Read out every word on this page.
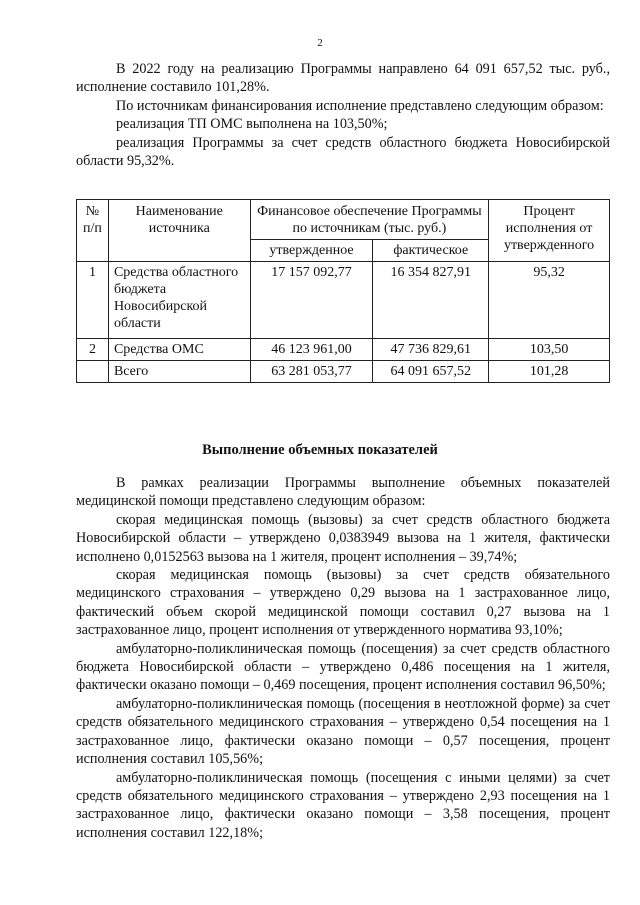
2

В 2022 году на реализацию Программы направлено 64 091 657,52 тыс. руб., исполнение составило 101,28%.

По источникам финансирования исполнение представлено следующим образом:

реализация ТП ОМС выполнена на 103,50%;

реализация Программы за счет средств областного бюджета Новосибирской области 95,32%.

№ п/п	Наименование источника	Финансовое обеспечение Программы по источникам (тыс. руб.)		Процент исполнения от утвержденного
		утвержденное	фактическое	
1	Средства областного бюджета Новосибирской области	17 157 092,77	16 354 827,91	95,32
2	Средства ОМС	46 123 961,00	47 736 829,61	103,50
	Всего	63 281 053,77	64 091 657,52	101,28
Выполнение объемных показателей

В рамках реализации Программы выполнение объемных показателей медицинской помощи представлено следующим образом:

скорая медицинская помощь (вызовы) за счет средств областного бюджета Новосибирской области – утверждено 0,0383949 вызова на 1 жителя, фактически исполнено 0,0152563 вызова на 1 жителя, процент исполнения – 39,74%;

скорая медицинская помощь (вызовы) за счет средств обязательного медицинского страхования – утверждено 0,29 вызова на 1 застрахованное лицо, фактический объем скорой медицинской помощи составил 0,27 вызова на 1 застрахованное лицо, процент исполнения от утвержденного норматива 93,10%;

амбулаторно-поликлиническая помощь (посещения) за счет средств областного бюджета Новосибирской области – утверждено 0,486 посещения на 1 жителя, фактически оказано помощи – 0,469 посещения, процент исполнения составил 96,50%;

амбулаторно-поликлиническая помощь (посещения в неотложной форме) за счет средств обязательного медицинского страхования – утверждено 0,54 посещения на 1 застрахованное лицо, фактически оказано помощи – 0,57 посещения, процент исполнения составил 105,56%;

амбулаторно-поликлиническая помощь (посещения с иными целями) за счет средств обязательного медицинского страхования – утверждено 2,93 посещения на 1 застрахованное лицо, фактически оказано помощи – 3,58 посещения, процент исполнения составил 122,18%;
